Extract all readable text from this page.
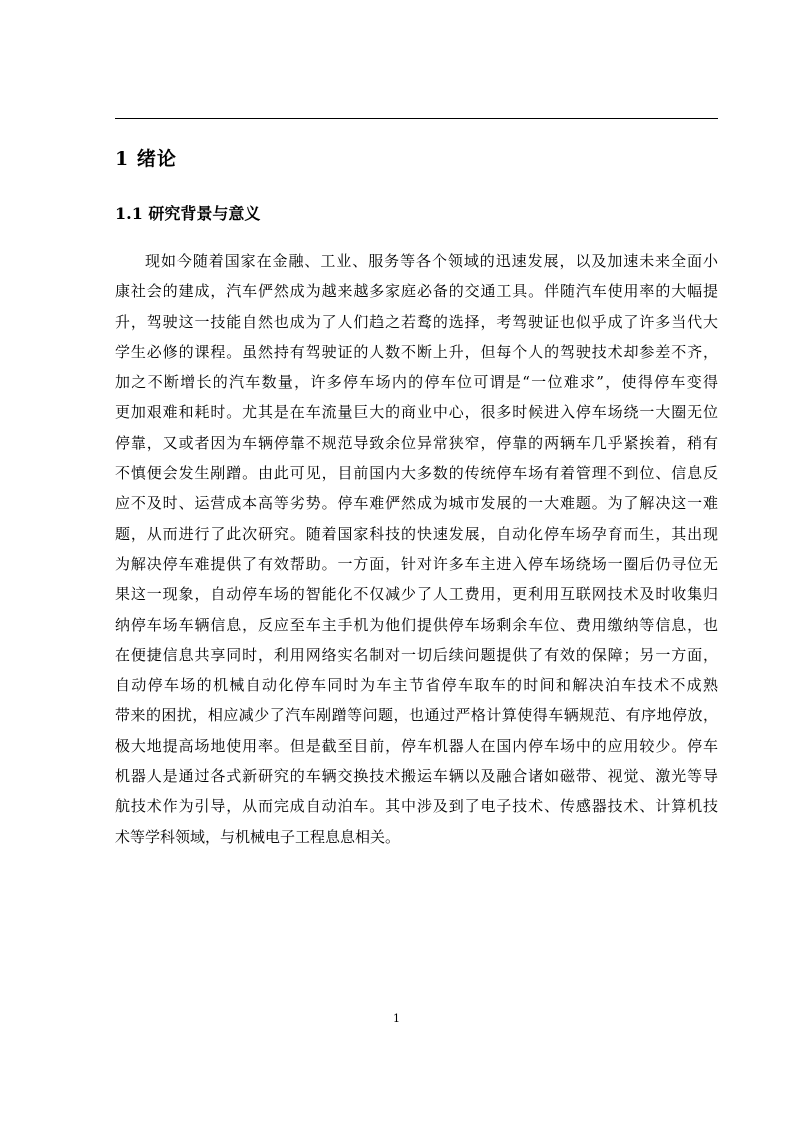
1 绪论
1.1 研究背景与意义
现如今随着国家在金融、工业、服务等各个领域的迅速发展，以及加速未来全面小
康社会的建成，汽车俨然成为越来越多家庭必备的交通工具。伴随汽车使用率的大幅提
升，驾驶这一技能自然也成为了人们趋之若鹜的选择，考驾驶证也似乎成了许多当代大
学生必修的课程。虽然持有驾驶证的人数不断上升，但每个人的驾驶技术却参差不齐，
加之不断增长的汽车数量，许多停车场内的停车位可谓是“一位难求”，使得停车变得
更加艰难和耗时。尤其是在车流量巨大的商业中心，很多时候进入停车场绕一大圈无位
停靠，又或者因为车辆停靠不规范导致余位异常狭窄，停靠的两辆车几乎紧挨着，稍有
不慎便会发生剐蹭。由此可见，目前国内大多数的传统停车场有着管理不到位、信息反
应不及时、运营成本高等劣势。停车难俨然成为城市发展的一大难题。为了解决这一难
题，从而进行了此次研究。随着国家科技的快速发展，自动化停车场孕育而生，其出现
为解决停车难提供了有效帮助。一方面，针对许多车主进入停车场绕场一圈后仍寻位无
果这一现象，自动停车场的智能化不仅减少了人工费用，更利用互联网技术及时收集归
纳停车场车辆信息，反应至车主手机为他们提供停车场剩余车位、费用缴纳等信息，也
在便捷信息共享同时，利用网络实名制对一切后续问题提供了有效的保障；另一方面，
自动停车场的机械自动化停车同时为车主节省停车取车的时间和解决泊车技术不成熟
带来的困扰，相应减少了汽车剐蹭等问题，也通过严格计算使得车辆规范、有序地停放，
极大地提高场地使用率。但是截至目前，停车机器人在国内停车场中的应用较少。停车
机器人是通过各式新研究的车辆交换技术搬运车辆以及融合诸如磁带、视觉、激光等导
航技术作为引导，从而完成自动泊车。其中涉及到了电子技术、传感器技术、计算机技
术等学科领域，与机械电子工程息息相关。
1
